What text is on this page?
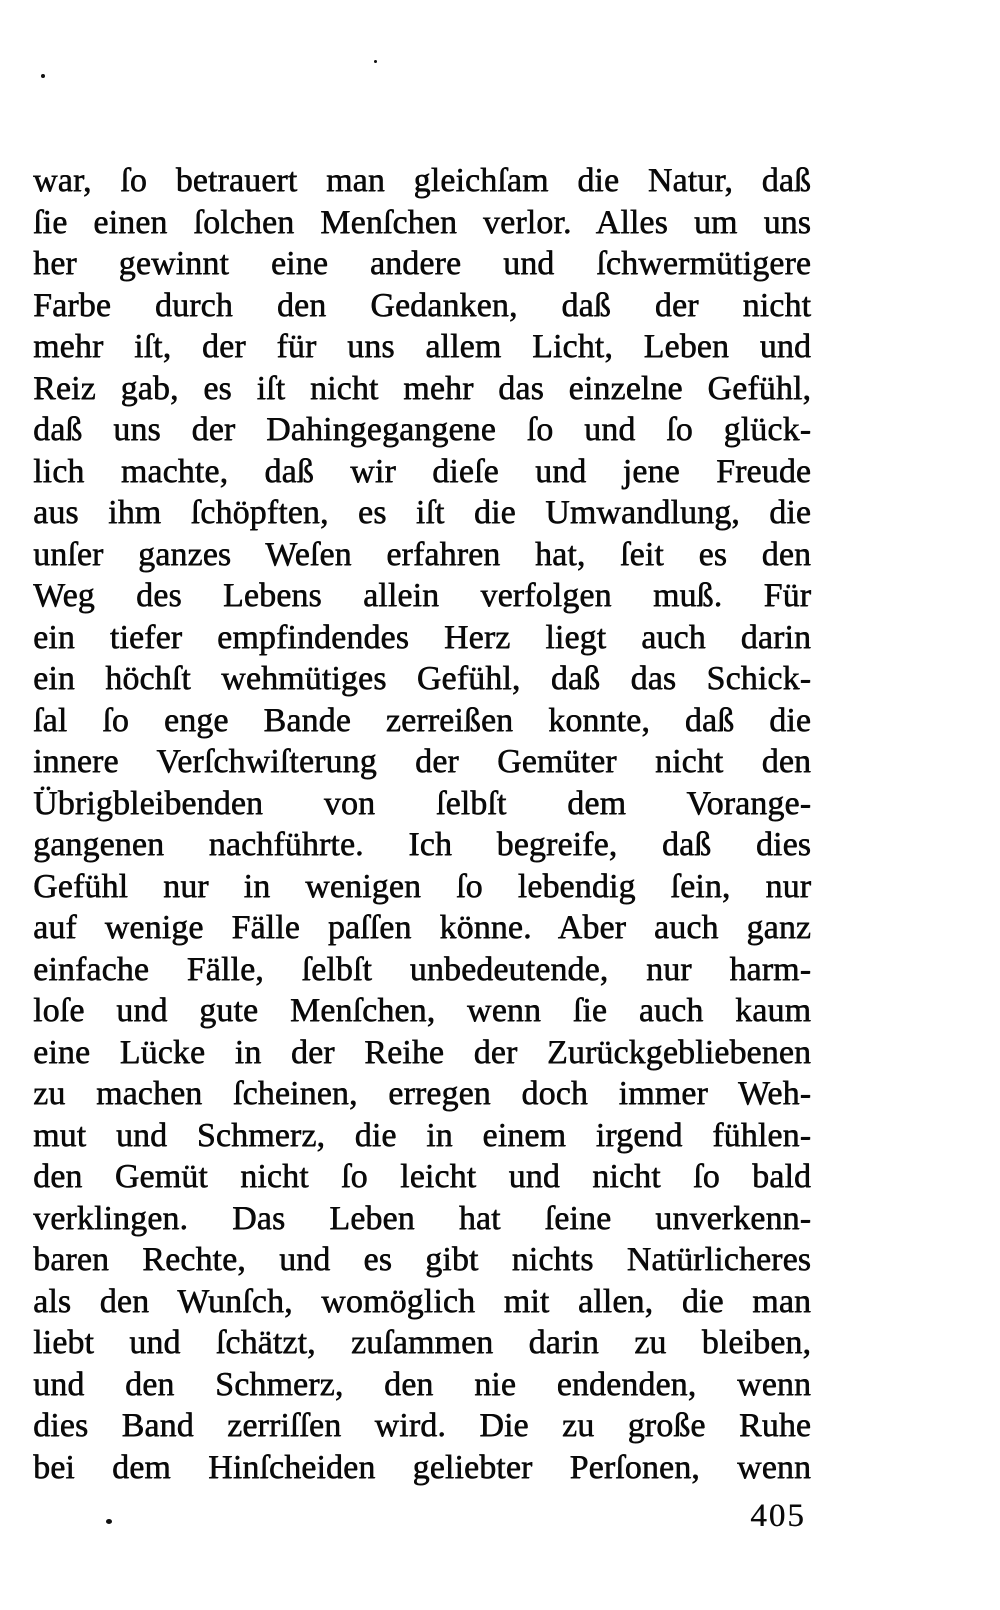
war, ſo betrauert man gleichſam die Natur, daß
ſie einen ſolchen Menſchen verlor. Alles um uns
her gewinnt eine andere und ſchwermütigere
Farbe durch den Gedanken, daß der nicht
mehr iſt, der für uns allem Licht, Leben und
Reiz gab, es iſt nicht mehr das einzelne Gefühl,
daß uns der Dahingegangene ſo und ſo glück-
lich machte, daß wir dieſe und jene Freude
aus ihm ſchöpften, es iſt die Umwandlung, die
unſer ganzes Weſen erfahren hat, ſeit es den
Weg des Lebens allein verfolgen muß. Für
ein tiefer empfindendes Herz liegt auch darin
ein höchſt wehmütiges Gefühl, daß das Schick-
ſal ſo enge Bande zerreißen konnte, daß die
innere Verſchwiſterung der Gemüter nicht den
Übrigbleibenden von ſelbſt dem Vorange-
gangenen nachführte. Ich begreife, daß dies
Gefühl nur in wenigen ſo lebendig ſein, nur
auf wenige Fälle paſſen könne. Aber auch ganz
einfache Fälle, ſelbſt unbedeutende, nur harm-
loſe und gute Menſchen, wenn ſie auch kaum
eine Lücke in der Reihe der Zurückgebliebenen
zu machen ſcheinen, erregen doch immer Weh-
mut und Schmerz, die in einem irgend fühlen-
den Gemüt nicht ſo leicht und nicht ſo bald
verklingen. Das Leben hat ſeine unverkenn-
baren Rechte, und es gibt nichts Natürlicheres
als den Wunſch, womöglich mit allen, die man
liebt und ſchätzt, zuſammen darin zu bleiben,
und den Schmerz, den nie endenden, wenn
dies Band zerriſſen wird. Die zu große Ruhe
bei dem Hinſcheiden geliebter Perſonen, wenn
405
